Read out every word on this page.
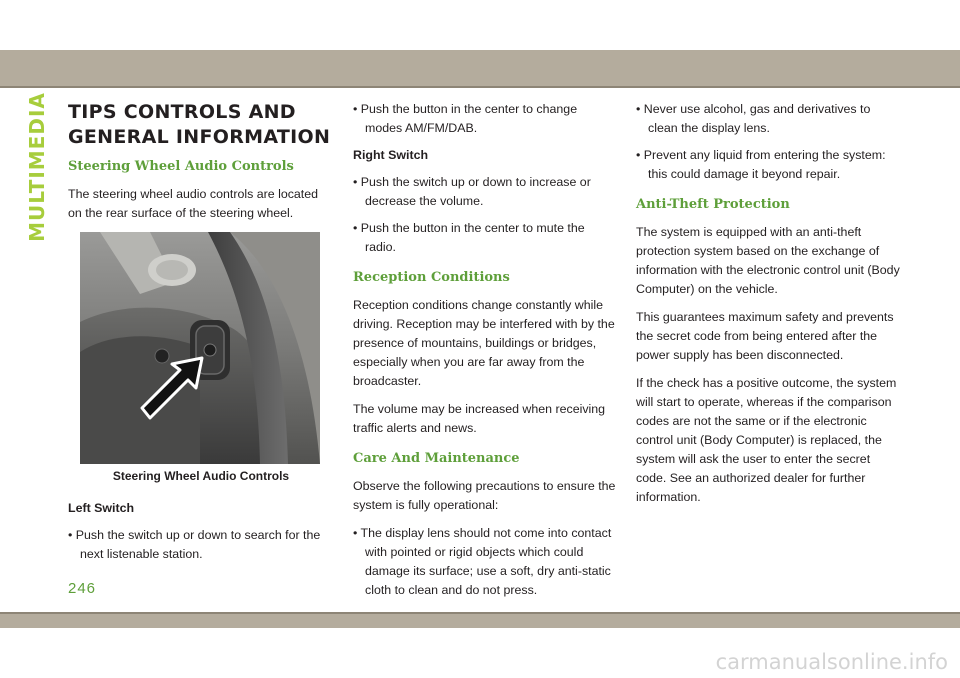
MULTIMEDIA TIPS CONTROLS AND GENERAL INFORMATION
Steering Wheel Audio Controls

The steering wheel audio controls are located on the rear surface of the steering wheel.

Steering Wheel Audio Controls
Left Switch
• Push the switch up or down to search for the next listenable station.
• Push the button in the center to change modes AM/FM/DAB.
Right Switch
• Push the switch up or down to increase or decrease the volume.
• Push the button in the center to mute the radio.
Reception Conditions

Reception conditions change constantly while driving. Reception may be interfered with by the presence of mountains, buildings or bridges, especially when you are far away from the broadcaster.

The volume may be increased when receiving traffic alerts and news.

Care And Maintenance

Observe the following precautions to ensure the system is fully operational:

• The display lens should not come into contact with pointed or rigid objects which could damage its surface; use a soft, dry anti-static cloth to clean and do not press.
• Never use alcohol, gas and derivatives to clean the display lens.
• Prevent any liquid from entering the system: this could damage it beyond repair.
Anti-Theft Protection

The system is equipped with an anti-theft protection system based on the exchange of information with the electronic control unit (Body Computer) on the vehicle.

This guarantees maximum safety and prevents the secret code from being entered after the power supply has been disconnected.

If the check has a positive outcome, the system will start to operate, whereas if the comparison codes are not the same or if the electronic control unit (Body Computer) is replaced, the system will ask the user to enter the secret code. See an authorized dealer for further information.

246
carmanualsonline.info
